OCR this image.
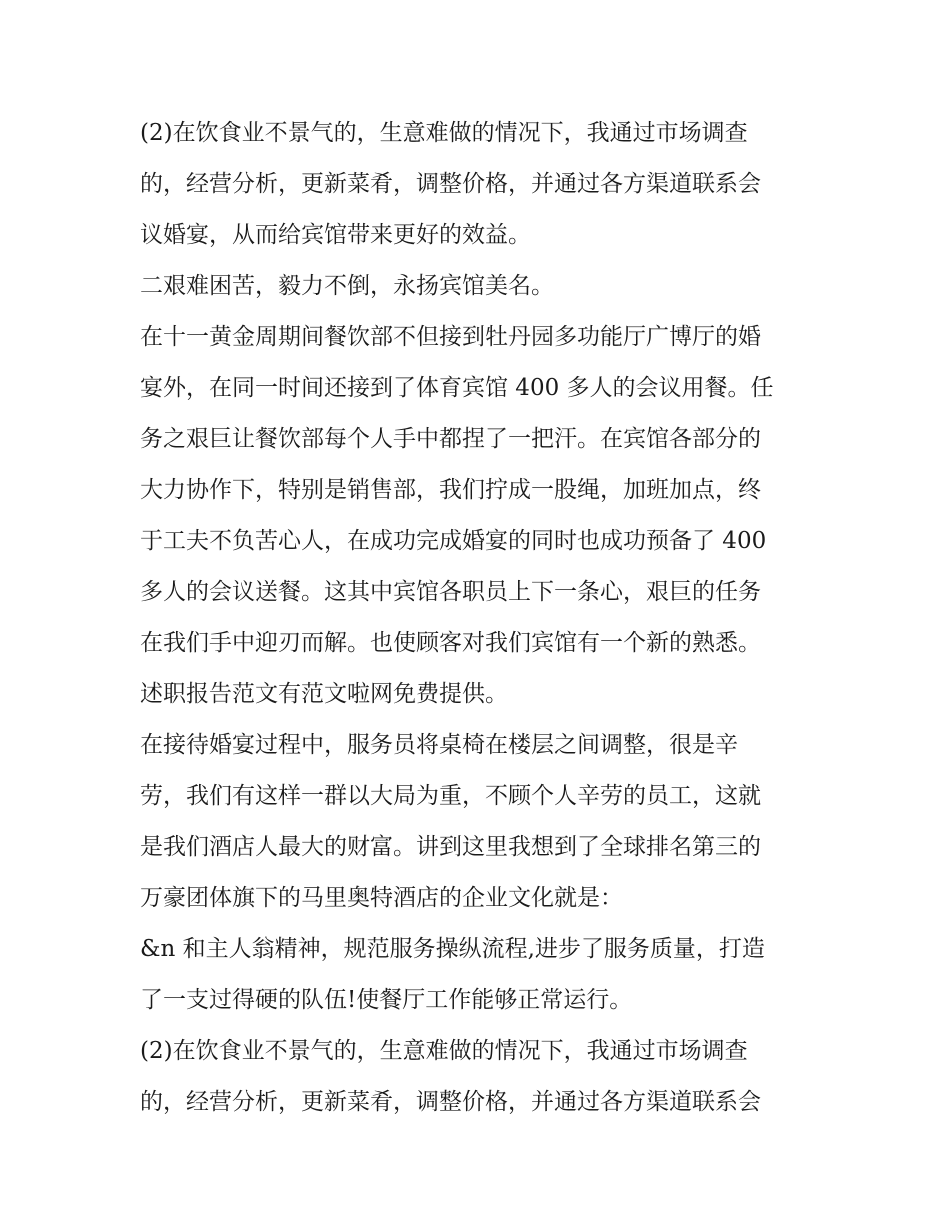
(2)在饮食业不景气的，生意难做的情况下，我通过市场调查
的，经营分析，更新菜肴，调整价格，并通过各方渠道联系会
议婚宴，从而给宾馆带来更好的效益。
二艰难困苦，毅力不倒，永扬宾馆美名。
在十一黄金周期间餐饮部不但接到牡丹园多功能厅广博厅的婚
宴外，在同一时间还接到了体育宾馆 400 多人的会议用餐。任
务之艰巨让餐饮部每个人手中都捏了一把汗。在宾馆各部分的
大力协作下，特别是销售部，我们拧成一股绳，加班加点，终
于工夫不负苦心人，在成功完成婚宴的同时也成功预备了 400
多人的会议送餐。这其中宾馆各职员上下一条心，艰巨的任务
在我们手中迎刃而解。也使顾客对我们宾馆有一个新的熟悉。
述职报告范文有范文啦网免费提供。
在接待婚宴过程中，服务员将桌椅在楼层之间调整，很是辛
劳，我们有这样一群以大局为重，不顾个人辛劳的员工，这就
是我们酒店人最大的财富。讲到这里我想到了全球排名第三的
万豪团体旗下的马里奥特酒店的企业文化就是：
&n 和主人翁精神，规范服务操纵流程,进步了服务质量，打造
了一支过得硬的队伍!使餐厅工作能够正常运行。
(2)在饮食业不景气的，生意难做的情况下，我通过市场调查
的，经营分析，更新菜肴，调整价格，并通过各方渠道联系会
